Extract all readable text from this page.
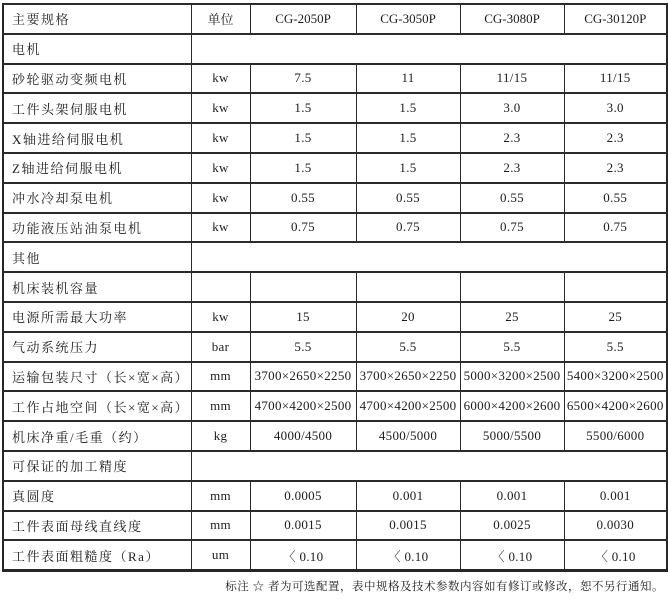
主要规格	单位	CG-2050P	CG-3050P	CG-3080P	CG-30120P
电机					
砂轮驱动变频电机	kw	7.5	11	11/15	11/15
工件头架伺服电机	kw	1.5	1.5	3.0	3.0
X轴进给伺服电机	kw	1.5	1.5	2.3	2.3
Z轴进给伺服电机	kw	1.5	1.5	2.3	2.3
冲水冷却泵电机	kw	0.55	0.55	0.55	0.55
功能液压站油泵电机	kw	0.75	0.75	0.75	0.75
其他					
机床装机容量					
电源所需最大功率	kw	15	20	25	25
气动系统压力	bar	5.5	5.5	5.5	5.5
运输包装尺寸（长×宽×高）	mm	3700×2650×2250	3700×2650×2250	5000×3200×2500	5400×3200×2500
工作占地空间（长×宽×高）	mm	4700×4200×2500	4700×4200×2500	6000×4200×2600	6500×4200×2600
机床净重/毛重（约）	kg	4000/4500	4500/5000	5000/5500	5500/6000
可保证的加工精度					
真圆度	mm	0.0005	0.001	0.001	0.001
工件表面母线直线度	mm	0.0015	0.0015	0.0025	0.0030
工件表面粗糙度（Ra）	um	〈 0.10	〈 0.10	〈 0.10	〈 0.10
标注 ☆ 者为可选配置，表中规格及技术参数内容如有修订或修改，恕不另行通知。
